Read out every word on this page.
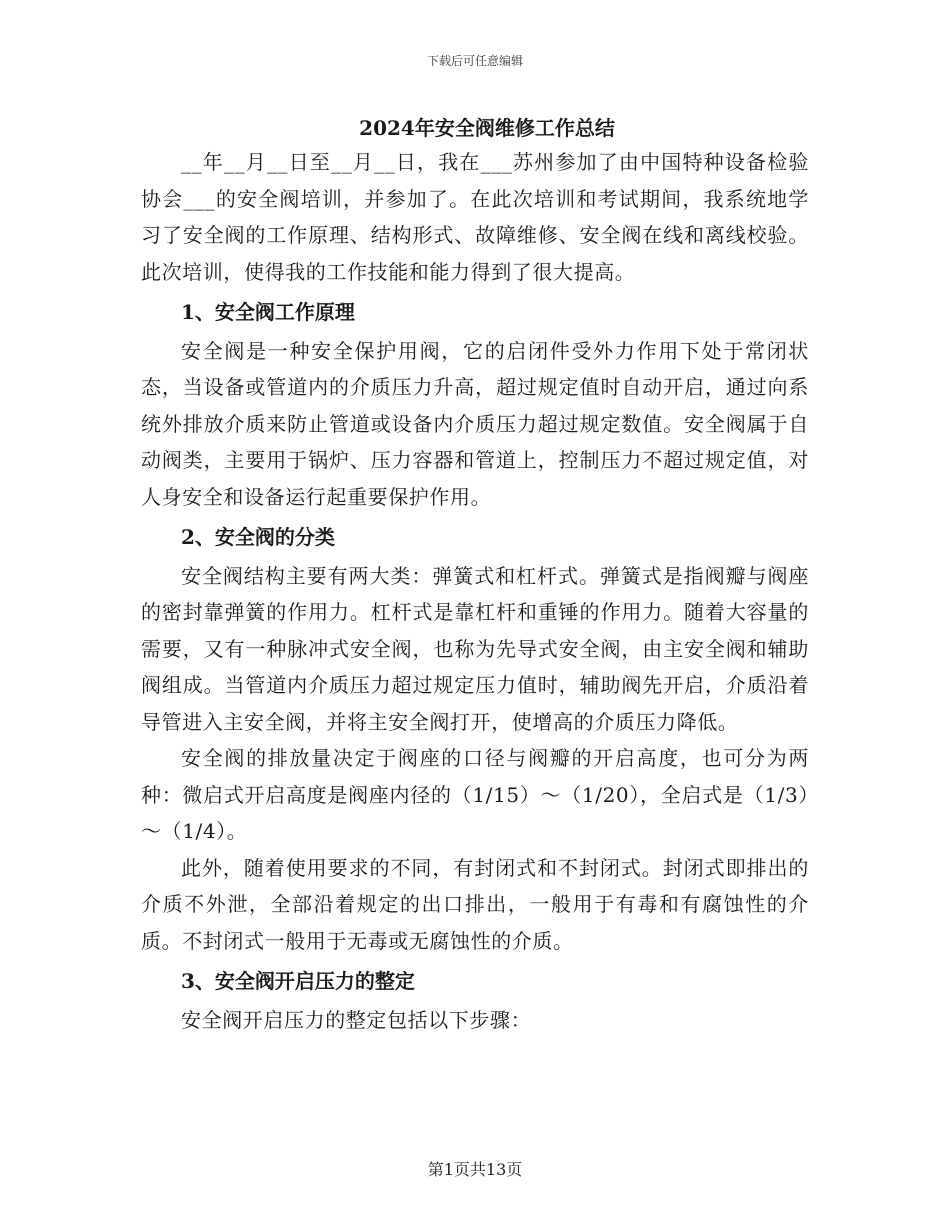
下载后可任意编辑
2024年安全阀维修工作总结

__年__月__日至__月__日，我在___苏州参加了由中国特种设备检验协会___的安全阀培训，并参加了。在此次培训和考试期间，我系统地学习了安全阀的工作原理、结构形式、故障维修、安全阀在线和离线校验。此次培训，使得我的工作技能和能力得到了很大提高。

1、安全阀工作原理

安全阀是一种安全保护用阀，它的启闭件受外力作用下处于常闭状态，当设备或管道内的介质压力升高，超过规定值时自动开启，通过向系统外排放介质来防止管道或设备内介质压力超过规定数值。安全阀属于自动阀类，主要用于锅炉、压力容器和管道上，控制压力不超过规定值，对人身安全和设备运行起重要保护作用。

2、安全阀的分类

安全阀结构主要有两大类：弹簧式和杠杆式。弹簧式是指阀瓣与阀座的密封靠弹簧的作用力。杠杆式是靠杠杆和重锤的作用力。随着大容量的需要，又有一种脉冲式安全阀，也称为先导式安全阀，由主安全阀和辅助阀组成。当管道内介质压力超过规定压力值时，辅助阀先开启，介质沿着导管进入主安全阀，并将主安全阀打开，使增高的介质压力降低。

安全阀的排放量决定于阀座的口径与阀瓣的开启高度，也可分为两种：微启式开启高度是阀座内径的（1/15）～（1/20），全启式是（1/3）～（1/4）。

此外，随着使用要求的不同，有封闭式和不封闭式。封闭式即排出的介质不外泄，全部沿着规定的出口排出，一般用于有毒和有腐蚀性的介质。不封闭式一般用于无毒或无腐蚀性的介质。

3、安全阀开启压力的整定

安全阀开启压力的整定包括以下步骤：

第1页共13页
